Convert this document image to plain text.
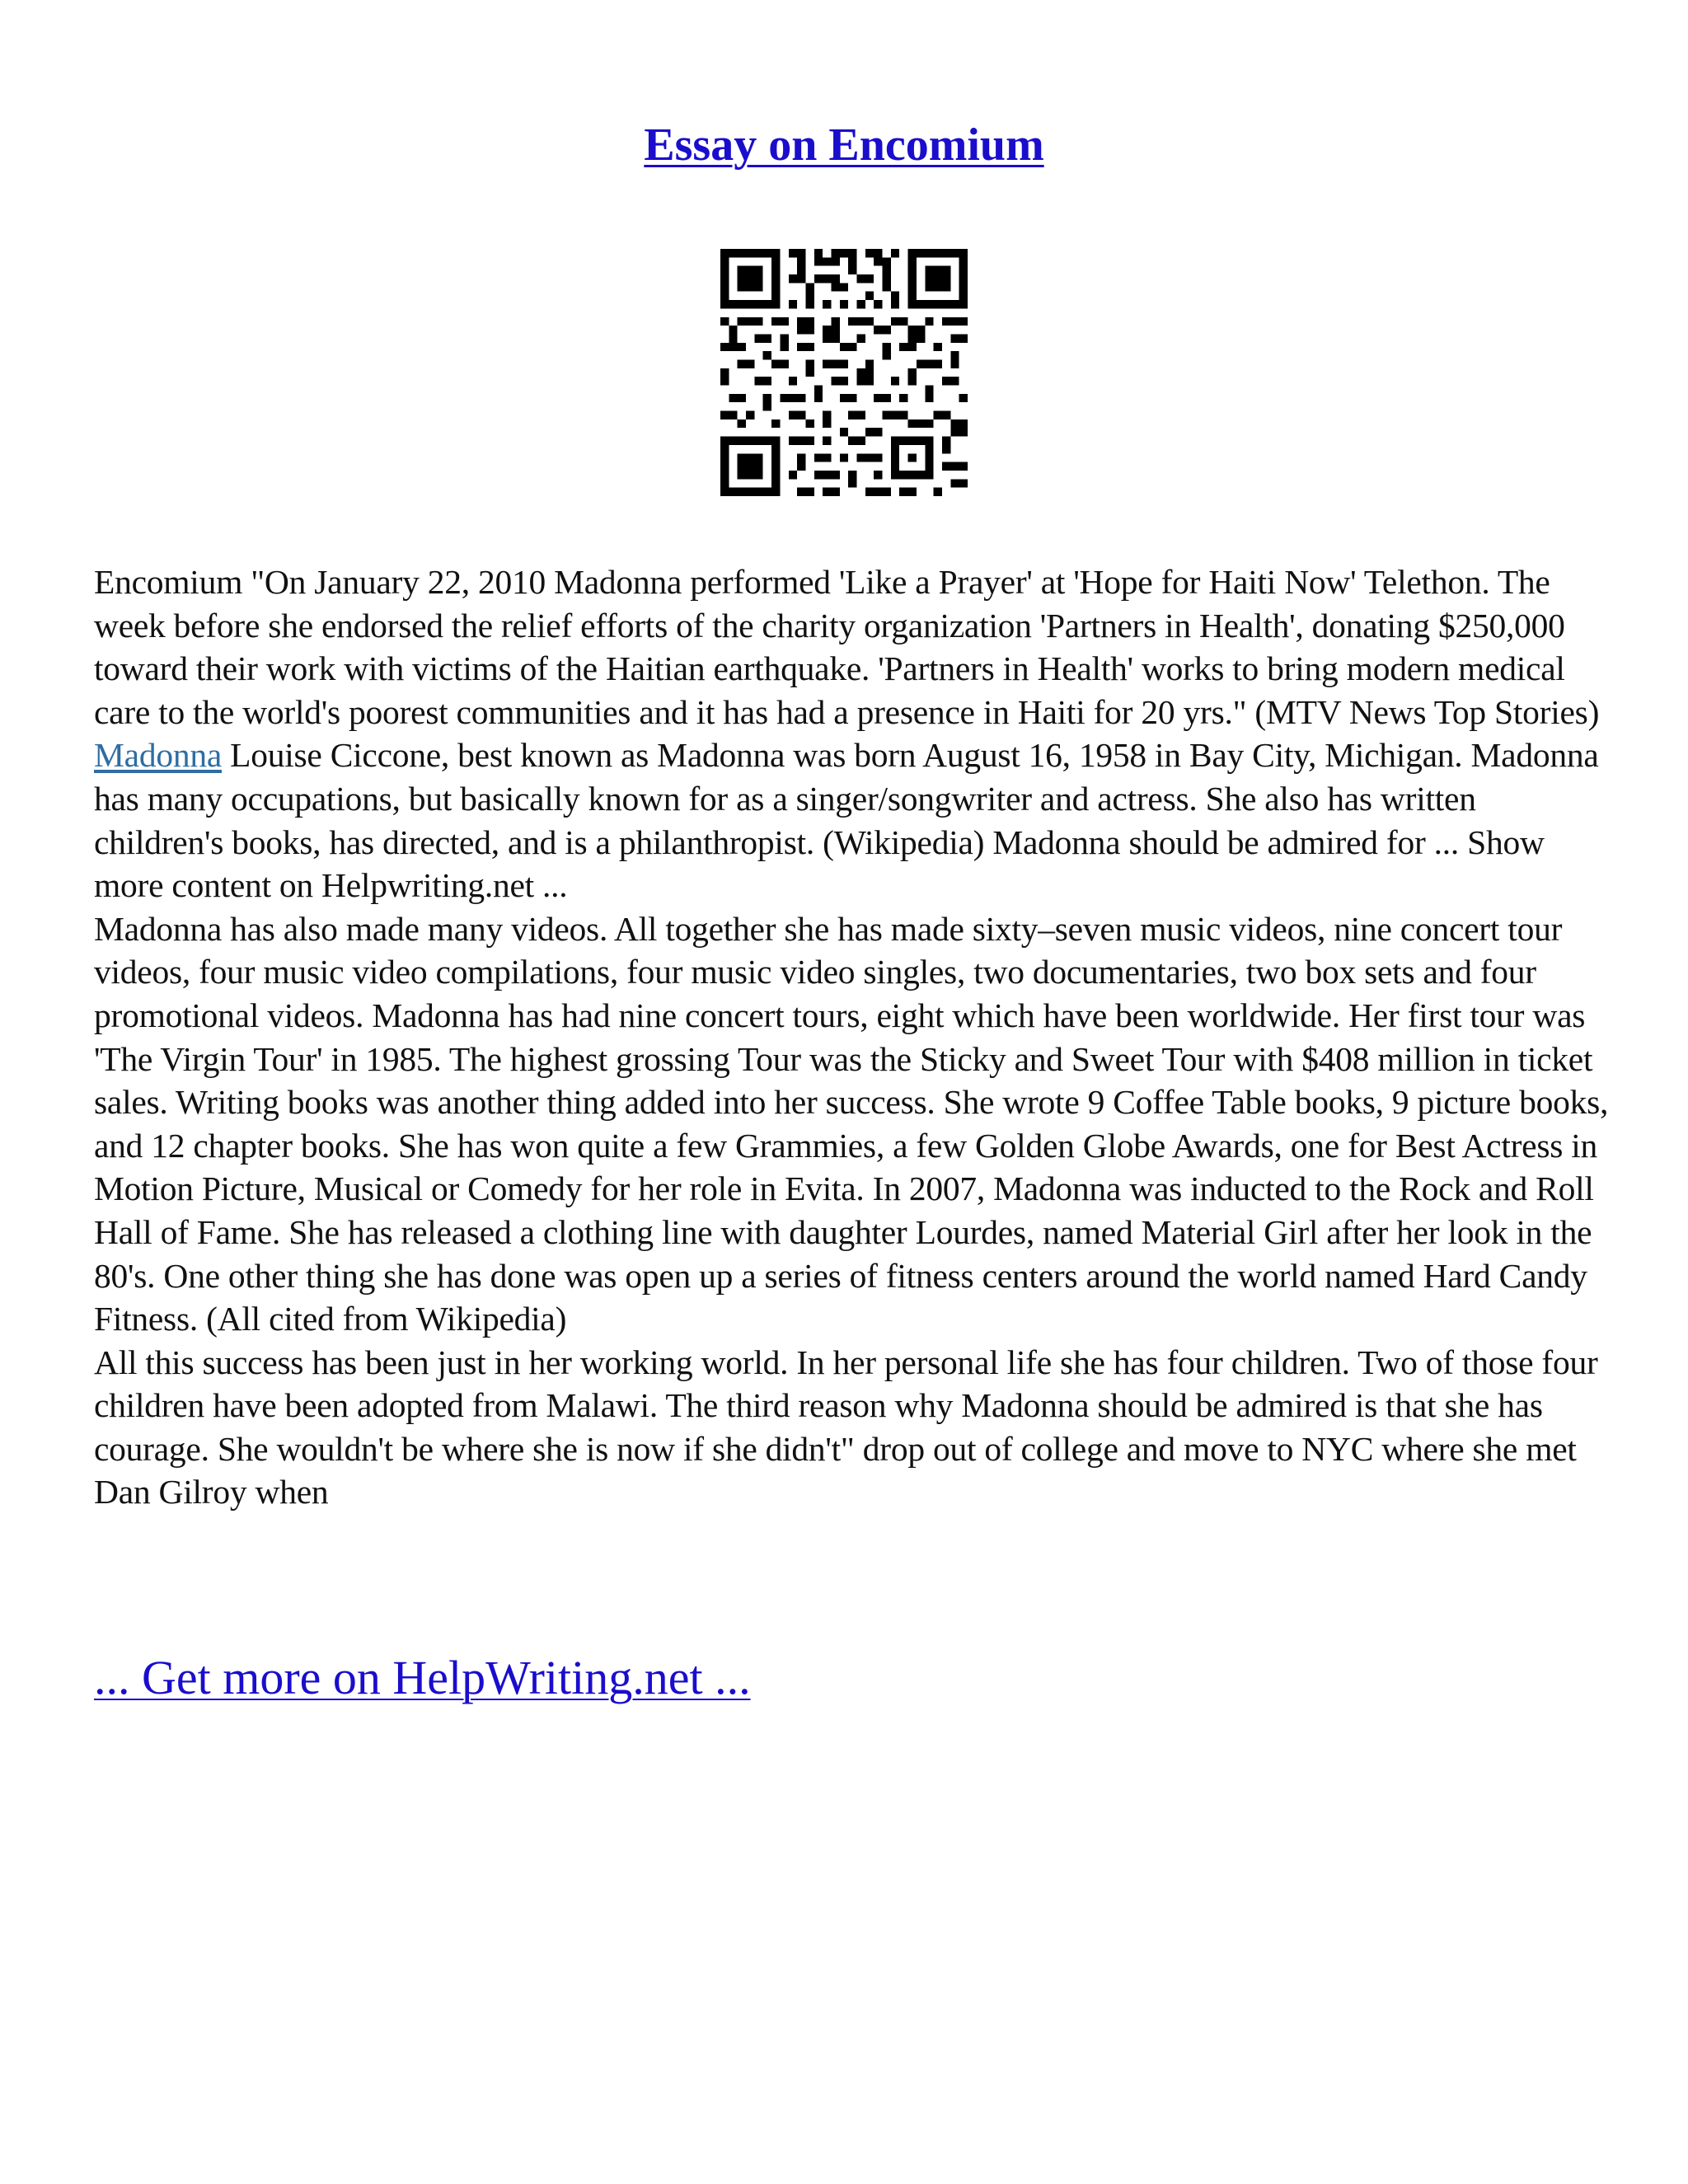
Essay on Encomium

Encomium "On January 22, 2010 Madonna performed 'Like a Prayer' at 'Hope for Haiti Now' Telethon. The week before she endorsed the relief efforts of the charity organization 'Partners in Health', donating $250,000 toward their work with victims of the Haitian earthquake. 'Partners in Health' works to bring modern medical care to the world's poorest communities and it has had a presence in Haiti for 20 yrs." (MTV News Top Stories) Madonna Louise Ciccone, best known as Madonna was born August 16, 1958 in Bay City, Michigan. Madonna has many occupations, but basically known for as a singer/songwriter and actress. She also has written children's books, has directed, and is a philanthropist. (Wikipedia) Madonna should be admired for ... Show more content on Helpwriting.net ...

Madonna has also made many videos. All together she has made sixty–seven music videos, nine concert tour videos, four music video compilations, four music video singles, two documentaries, two box sets and four promotional videos. Madonna has had nine concert tours, eight which have been worldwide. Her first tour was 'The Virgin Tour' in 1985. The highest grossing Tour was the Sticky and Sweet Tour with $408 million in ticket sales. Writing books was another thing added into her success. She wrote 9 Coffee Table books, 9 picture books, and 12 chapter books. She has won quite a few Grammies, a few Golden Globe Awards, one for Best Actress in Motion Picture, Musical or Comedy for her role in Evita. In 2007, Madonna was inducted to the Rock and Roll Hall of Fame. She has released a clothing line with daughter Lourdes, named Material Girl after her look in the 80's. One other thing she has done was open up a series of fitness centers around the world named Hard Candy Fitness. (All cited from Wikipedia)

All this success has been just in her working world. In her personal life she has four children. Two of those four children have been adopted from Malawi. The third reason why Madonna should be admired is that she has courage. She wouldn't be where she is now if she didn't" drop out of college and move to NYC where she met Dan Gilroy when

... Get more on HelpWriting.net ...
